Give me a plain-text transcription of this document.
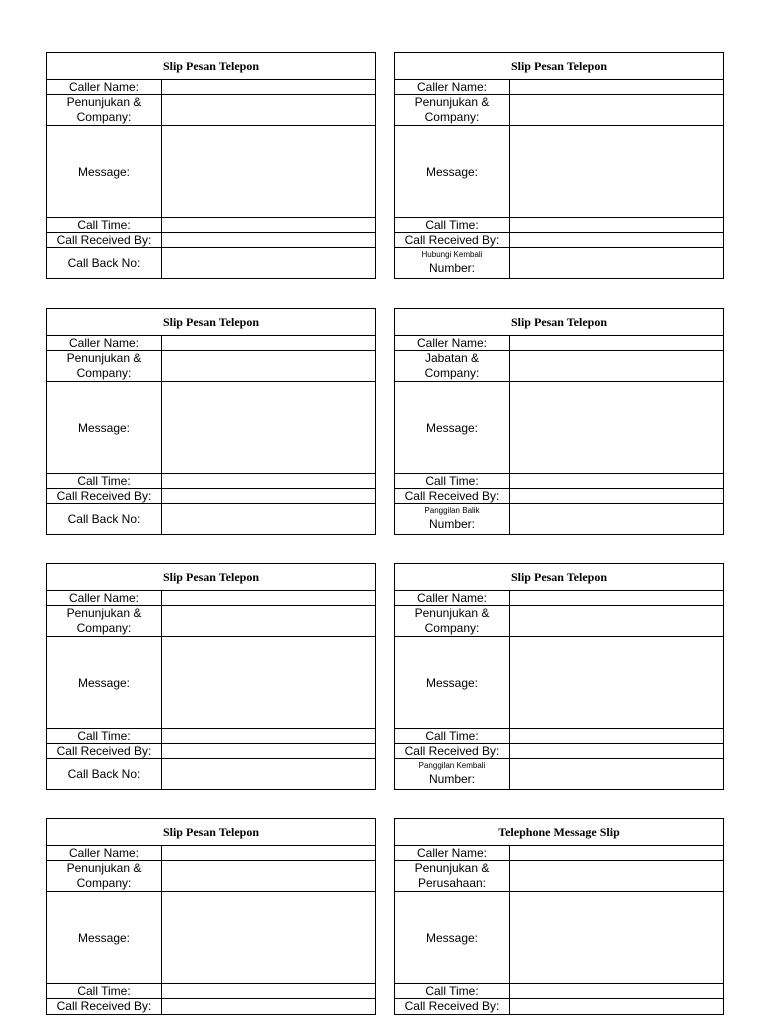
Slip Pesan Telepon
Caller Name:
Penunjukan &
Company:
Message:
Call Time:
Call Received By:
Call Back No:
Slip Pesan Telepon
Caller Name:
Penunjukan &
Company:
Message:
Call Time:
Call Received By:
Hubungi Kembali
Number:
Slip Pesan Telepon
Caller Name:
Penunjukan &
Company:
Message:
Call Time:
Call Received By:
Call Back No:
Slip Pesan Telepon
Caller Name:
Jabatan &
Company:
Message:
Call Time:
Call Received By:
Panggilan Balik
Number:
Slip Pesan Telepon
Caller Name:
Penunjukan &
Company:
Message:
Call Time:
Call Received By:
Call Back No:
Slip Pesan Telepon
Caller Name:
Penunjukan &
Company:
Message:
Call Time:
Call Received By:
Panggilan Kembali
Number:
Slip Pesan Telepon
Caller Name:
Penunjukan &
Company:
Message:
Call Time:
Call Received By:
Telephone Message Slip
Caller Name:
Penunjukan &
Perusahaan:
Message:
Call Time:
Call Received By:
